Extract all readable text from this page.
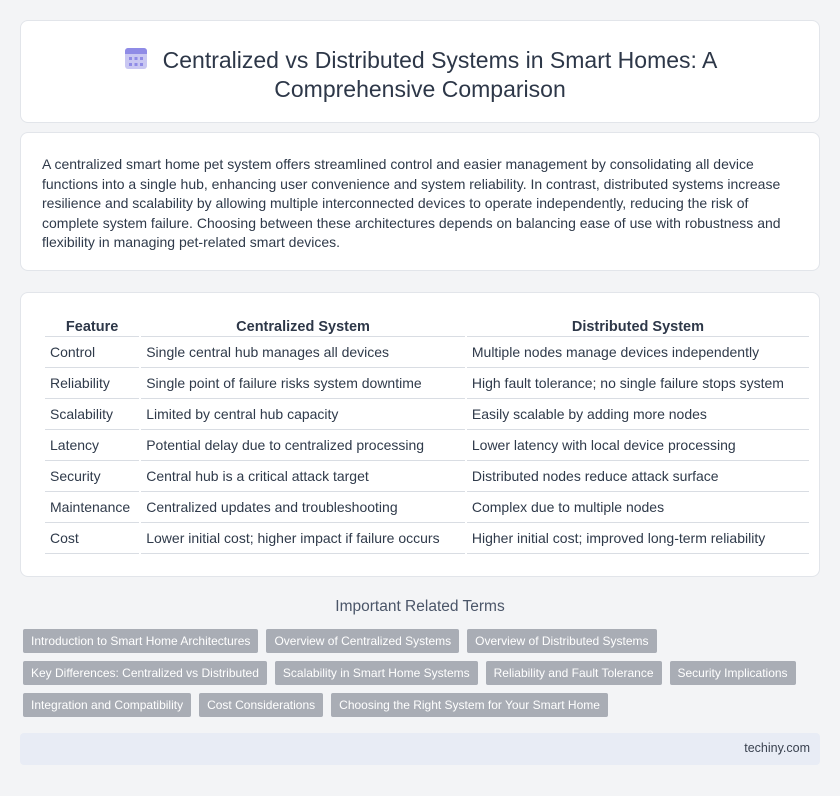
Centralized vs Distributed Systems in Smart Homes: A
Comprehensive Comparison

A centralized smart home pet system offers streamlined control and easier management by consolidating all device functions into a single hub, enhancing user convenience and system reliability. In contrast, distributed systems increase resilience and scalability by allowing multiple interconnected devices to operate independently, reducing the risk of complete system failure. Choosing between these architectures depends on balancing ease of use with robustness and flexibility in managing pet-related smart devices.

Feature	Centralized System	Distributed System
Control	Single central hub manages all devices	Multiple nodes manage devices independently
Reliability	Single point of failure risks system downtime	High fault tolerance; no single failure stops system
Scalability	Limited by central hub capacity	Easily scalable by adding more nodes
Latency	Potential delay due to centralized processing	Lower latency with local device processing
Security	Central hub is a critical attack target	Distributed nodes reduce attack surface
Maintenance	Centralized updates and troubleshooting	Complex due to multiple nodes
Cost	Lower initial cost; higher impact if failure occurs	Higher initial cost; improved long-term reliability
Important Related Terms
Introduction to Smart Home Architectures	Overview of Centralized Systems	Overview of Distributed Systems
Key Differences: Centralized vs Distributed	Scalability in Smart Home Systems	Reliability and Fault Tolerance	Security Implications
Integration and Compatibility	Cost Considerations	Choosing the Right System for Your Smart Home
techiny.com
